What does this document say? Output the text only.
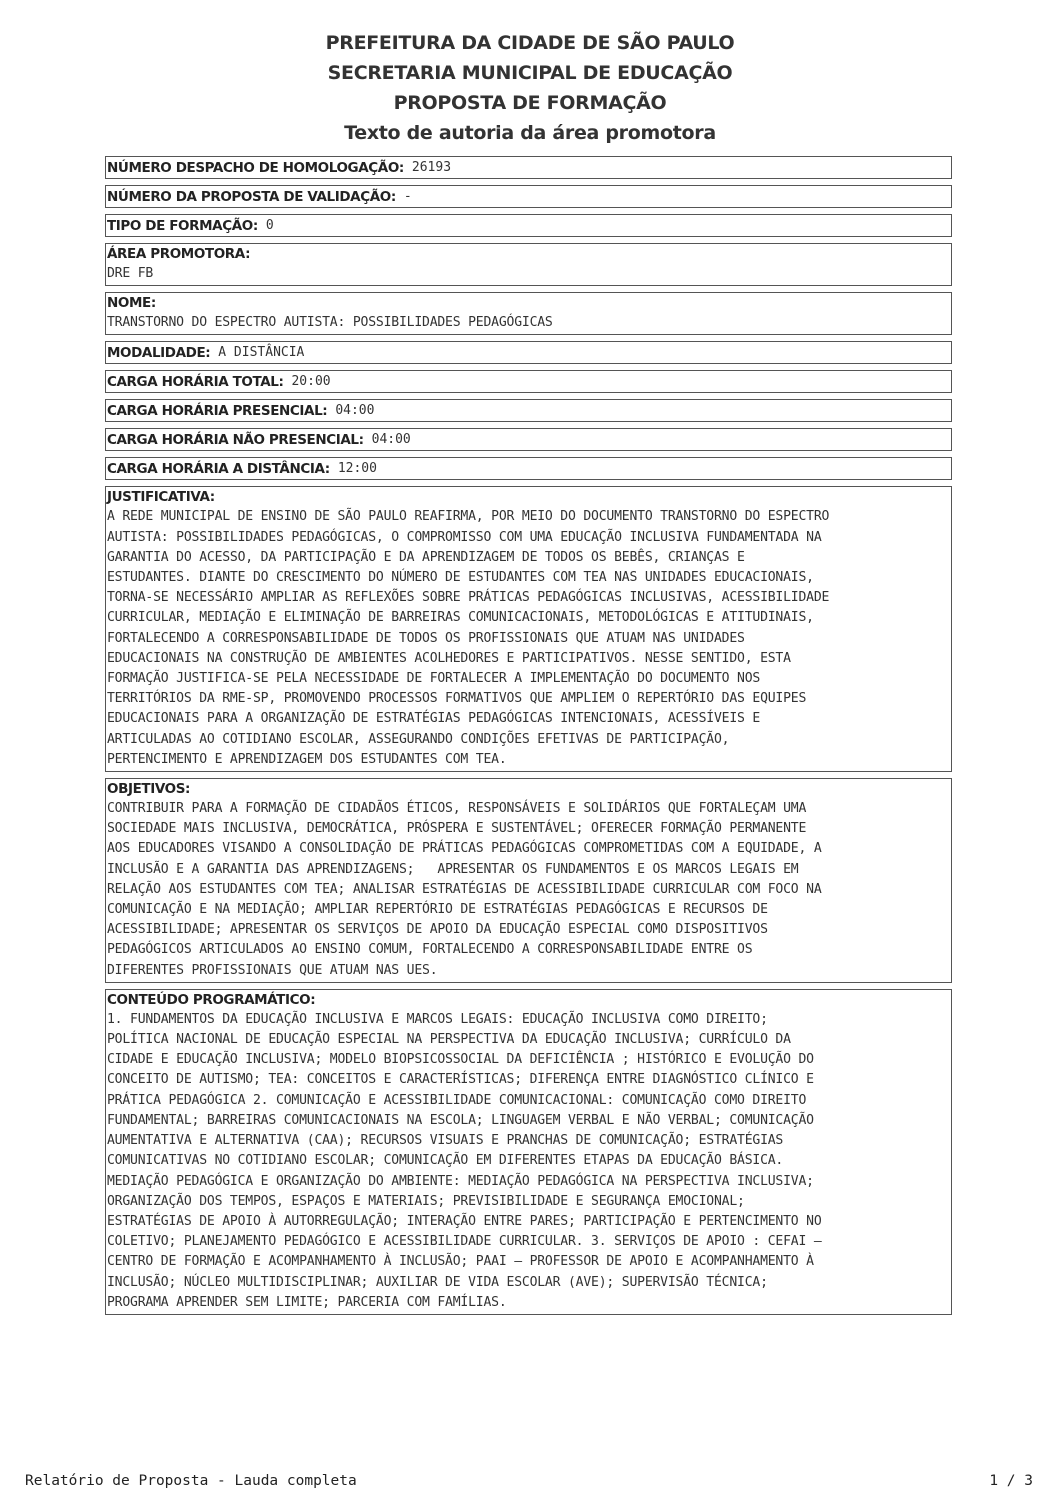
PREFEITURA DA CIDADE DE SÃO PAULO
SECRETARIA MUNICIPAL DE EDUCAÇÃO
PROPOSTA DE FORMAÇÃO
Texto de autoria da área promotora
NÚMERO DESPACHO DE HOMOLOGAÇÃO: 26193
NÚMERO DA PROPOSTA DE VALIDAÇÃO: -
TIPO DE FORMAÇÃO: 0
ÁREA PROMOTORA:
DRE FB
NOME:
TRANSTORNO DO ESPECTRO AUTISTA: POSSIBILIDADES PEDAGÓGICAS
MODALIDADE: A DISTÂNCIA
CARGA HORÁRIA TOTAL: 20:00
CARGA HORÁRIA PRESENCIAL: 04:00
CARGA HORÁRIA NÃO PRESENCIAL: 04:00
CARGA HORÁRIA A DISTÂNCIA: 12:00
JUSTIFICATIVA:
A REDE MUNICIPAL DE ENSINO DE SÃO PAULO REAFIRMA, POR MEIO DO DOCUMENTO TRANSTORNO DO ESPECTRO
AUTISTA: POSSIBILIDADES PEDAGÓGICAS, O COMPROMISSO COM UMA EDUCAÇÃO INCLUSIVA FUNDAMENTADA NA
GARANTIA DO ACESSO, DA PARTICIPAÇÃO E DA APRENDIZAGEM DE TODOS OS BEBÊS, CRIANÇAS E
ESTUDANTES. DIANTE DO CRESCIMENTO DO NÚMERO DE ESTUDANTES COM TEA NAS UNIDADES EDUCACIONAIS,
TORNA-SE NECESSÁRIO AMPLIAR AS REFLEXÕES SOBRE PRÁTICAS PEDAGÓGICAS INCLUSIVAS, ACESSIBILIDADE
CURRICULAR, MEDIAÇÃO E ELIMINAÇÃO DE BARREIRAS COMUNICACIONAIS, METODOLÓGICAS E ATITUDINAIS,
FORTALECENDO A CORRESPONSABILIDADE DE TODOS OS PROFISSIONAIS QUE ATUAM NAS UNIDADES
EDUCACIONAIS NA CONSTRUÇÃO DE AMBIENTES ACOLHEDORES E PARTICIPATIVOS. NESSE SENTIDO, ESTA
FORMAÇÃO JUSTIFICA-SE PELA NECESSIDADE DE FORTALECER A IMPLEMENTAÇÃO DO DOCUMENTO NOS
TERRITÓRIOS DA RME-SP, PROMOVENDO PROCESSOS FORMATIVOS QUE AMPLIEM O REPERTÓRIO DAS EQUIPES
EDUCACIONAIS PARA A ORGANIZAÇÃO DE ESTRATÉGIAS PEDAGÓGICAS INTENCIONAIS, ACESSÍVEIS E
ARTICULADAS AO COTIDIANO ESCOLAR, ASSEGURANDO CONDIÇÕES EFETIVAS DE PARTICIPAÇÃO,
PERTENCIMENTO E APRENDIZAGEM DOS ESTUDANTES COM TEA.
OBJETIVOS:
CONTRIBUIR PARA A FORMAÇÃO DE CIDADÃOS ÉTICOS, RESPONSÁVEIS E SOLIDÁRIOS QUE FORTALEÇAM UMA
SOCIEDADE MAIS INCLUSIVA, DEMOCRÁTICA, PRÓSPERA E SUSTENTÁVEL; OFERECER FORMAÇÃO PERMANENTE
AOS EDUCADORES VISANDO A CONSOLIDAÇÃO DE PRÁTICAS PEDAGÓGICAS COMPROMETIDAS COM A EQUIDADE, A
INCLUSÃO E A GARANTIA DAS APRENDIZAGENS;   APRESENTAR OS FUNDAMENTOS E OS MARCOS LEGAIS EM
RELAÇÃO AOS ESTUDANTES COM TEA; ANALISAR ESTRATÉGIAS DE ACESSIBILIDADE CURRICULAR COM FOCO NA
COMUNICAÇÃO E NA MEDIAÇÃO; AMPLIAR REPERTÓRIO DE ESTRATÉGIAS PEDAGÓGICAS E RECURSOS DE
ACESSIBILIDADE; APRESENTAR OS SERVIÇOS DE APOIO DA EDUCAÇÃO ESPECIAL COMO DISPOSITIVOS
PEDAGÓGICOS ARTICULADOS AO ENSINO COMUM, FORTALECENDO A CORRESPONSABILIDADE ENTRE OS
DIFERENTES PROFISSIONAIS QUE ATUAM NAS UES.
CONTEÚDO PROGRAMÁTICO:
1. FUNDAMENTOS DA EDUCAÇÃO INCLUSIVA E MARCOS LEGAIS: EDUCAÇÃO INCLUSIVA COMO DIREITO;
POLÍTICA NACIONAL DE EDUCAÇÃO ESPECIAL NA PERSPECTIVA DA EDUCAÇÃO INCLUSIVA; CURRÍCULO DA
CIDADE E EDUCAÇÃO INCLUSIVA; MODELO BIOPSICOSSOCIAL DA DEFICIÊNCIA ; HISTÓRICO E EVOLUÇÃO DO
CONCEITO DE AUTISMO; TEA: CONCEITOS E CARACTERÍSTICAS; DIFERENÇA ENTRE DIAGNÓSTICO CLÍNICO E
PRÁTICA PEDAGÓGICA 2. COMUNICAÇÃO E ACESSIBILIDADE COMUNICACIONAL: COMUNICAÇÃO COMO DIREITO
FUNDAMENTAL; BARREIRAS COMUNICACIONAIS NA ESCOLA; LINGUAGEM VERBAL E NÃO VERBAL; COMUNICAÇÃO
AUMENTATIVA E ALTERNATIVA (CAA); RECURSOS VISUAIS E PRANCHAS DE COMUNICAÇÃO; ESTRATÉGIAS
COMUNICATIVAS NO COTIDIANO ESCOLAR; COMUNICAÇÃO EM DIFERENTES ETAPAS DA EDUCAÇÃO BÁSICA.
MEDIAÇÃO PEDAGÓGICA E ORGANIZAÇÃO DO AMBIENTE: MEDIAÇÃO PEDAGÓGICA NA PERSPECTIVA INCLUSIVA;
ORGANIZAÇÃO DOS TEMPOS, ESPAÇOS E MATERIAIS; PREVISIBILIDADE E SEGURANÇA EMOCIONAL;
ESTRATÉGIAS DE APOIO À AUTORREGULAÇÃO; INTERAÇÃO ENTRE PARES; PARTICIPAÇÃO E PERTENCIMENTO NO
COLETIVO; PLANEJAMENTO PEDAGÓGICO E ACESSIBILIDADE CURRICULAR. 3. SERVIÇOS DE APOIO : CEFAI —
CENTRO DE FORMAÇÃO E ACOMPANHAMENTO À INCLUSÃO; PAAI — PROFESSOR DE APOIO E ACOMPANHAMENTO À
INCLUSÃO; NÚCLEO MULTIDISCIPLINAR; AUXILIAR DE VIDA ESCOLAR (AVE); SUPERVISÃO TÉCNICA;
PROGRAMA APRENDER SEM LIMITE; PARCERIA COM FAMÍLIAS.
Relatório de Proposta - Lauda completa	1 / 3
